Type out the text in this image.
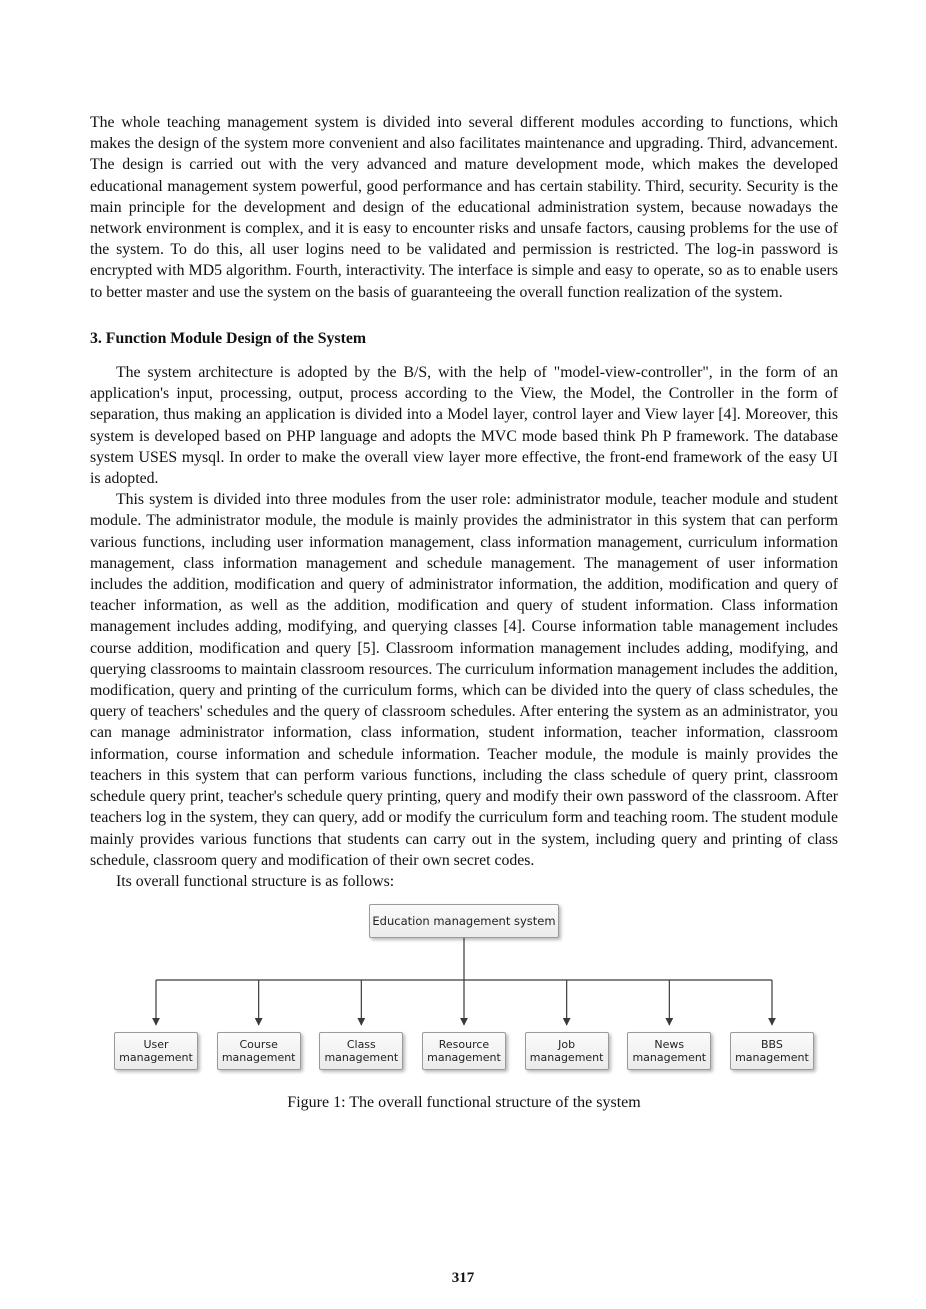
The whole teaching management system is divided into several different modules according to functions, which makes the design of the system more convenient and also facilitates maintenance and upgrading. Third, advancement. The design is carried out with the very advanced and mature development mode, which makes the developed educational management system powerful, good performance and has certain stability. Third, security. Security is the main principle for the development and design of the educational administration system, because nowadays the network environment is complex, and it is easy to encounter risks and unsafe factors, causing problems for the use of the system. To do this, all user logins need to be validated and permission is restricted. The log-in password is encrypted with MD5 algorithm. Fourth, interactivity. The interface is simple and easy to operate, so as to enable users to better master and use the system on the basis of guaranteeing the overall function realization of the system.

3. Function Module Design of the System

The system architecture is adopted by the B/S, with the help of "model-view-controller", in the form of an application's input, processing, output, process according to the View, the Model, the Controller in the form of separation, thus making an application is divided into a Model layer, control layer and View layer [4]. Moreover, this system is developed based on PHP language and adopts the MVC mode based think Ph P framework. The database system USES mysql. In order to make the overall view layer more effective, the front-end framework of the easy UI is adopted.

This system is divided into three modules from the user role: administrator module, teacher module and student module. The administrator module, the module is mainly provides the administrator in this system that can perform various functions, including user information management, class information management, curriculum information management, class information management and schedule management. The management of user information includes the addition, modification and query of administrator information, the addition, modification and query of teacher information, as well as the addition, modification and query of student information. Class information management includes adding, modifying, and querying classes [4]. Course information table management includes course addition, modification and query [5]. Classroom information management includes adding, modifying, and querying classrooms to maintain classroom resources. The curriculum information management includes the addition, modification, query and printing of the curriculum forms, which can be divided into the query of class schedules, the query of teachers' schedules and the query of classroom schedules. After entering the system as an administrator, you can manage administrator information, class information, student information, teacher information, classroom information, course information and schedule information. Teacher module, the module is mainly provides the teachers in this system that can perform various functions, including the class schedule of query print, classroom schedule query print, teacher's schedule query printing, query and modify their own password of the classroom. After teachers log in the system, they can query, add or modify the curriculum form and teaching room. The student module mainly provides various functions that students can carry out in the system, including query and printing of class schedule, classroom query and modification of their own secret codes.

Its overall functional structure is as follows:

Education management system
User management
Course management
Class management
Resource management
Job management
News management
BBS management
Figure 1: The overall functional structure of the system
317
